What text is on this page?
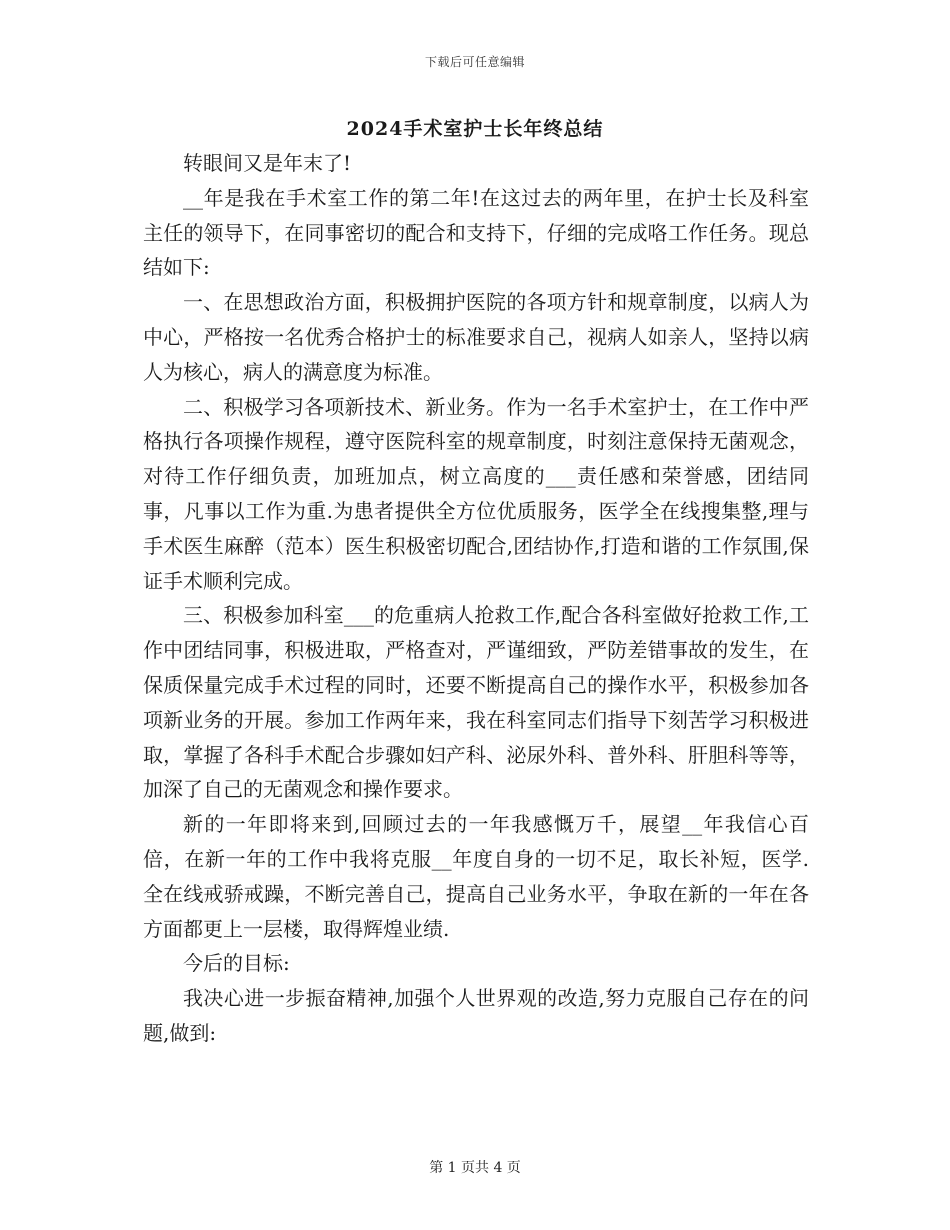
下载后可任意编辑
2024手术室护士长年终总结

转眼间又是年末了!

__年是我在手术室工作的第二年!在这过去的两年里，在护士长及科室主任的领导下，在同事密切的配合和支持下，仔细的完成咯工作任务。现总结如下:

一、在思想政治方面，积极拥护医院的各项方针和规章制度，以病人为中心，严格按一名优秀合格护士的标准要求自己，视病人如亲人，坚持以病人为核心，病人的满意度为标准。

二、积极学习各项新技术、新业务。作为一名手术室护士，在工作中严格执行各项操作规程，遵守医院科室的规章制度，时刻注意保持无菌观念，对待工作仔细负责，加班加点，树立高度的___责任感和荣誉感，团结同事，凡事以工作为重.为患者提供全方位优质服务，医学全在线搜集整,理与手术医生麻醉（范本）医生积极密切配合,团结协作,打造和谐的工作氛围,保证手术顺利完成。

三、积极参加科室___的危重病人抢救工作,配合各科室做好抢救工作,工作中团结同事，积极进取，严格查对，严谨细致，严防差错事故的发生，在保质保量完成手术过程的同时，还要不断提高自己的操作水平，积极参加各项新业务的开展。参加工作两年来，我在科室同志们指导下刻苦学习积极进取，掌握了各科手术配合步骤如妇产科、泌尿外科、普外科、肝胆科等等，加深了自己的无菌观念和操作要求。

新的一年即将来到,回顾过去的一年我感慨万千，展望__年我信心百倍，在新一年的工作中我将克服__年度自身的一切不足，取长补短，医学.全在线戒骄戒躁，不断完善自己，提高自己业务水平，争取在新的一年在各方面都更上一层楼，取得辉煌业绩.

今后的目标:

我决心进一步振奋精神,加强个人世界观的改造,努力克服自己存在的问题,做到:

第 1 页共 4 页
